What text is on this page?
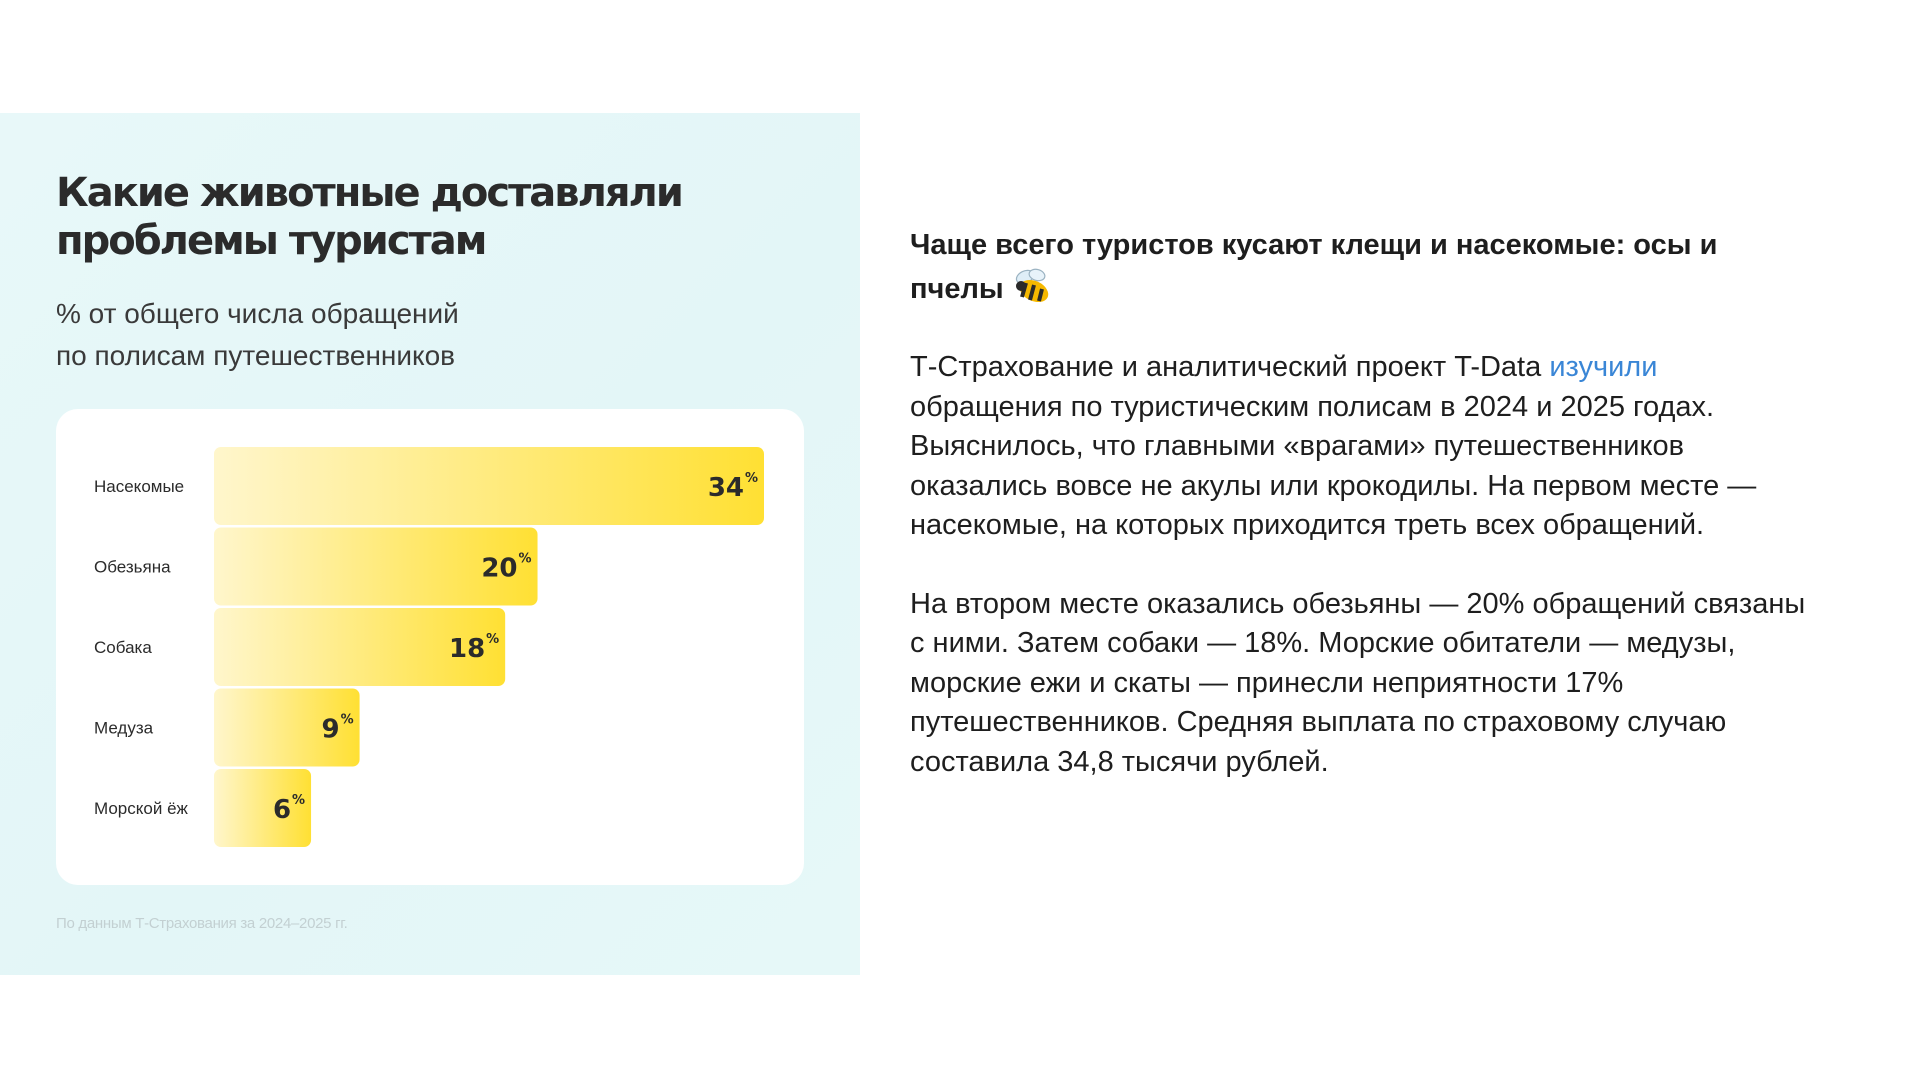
Какие животные доставляли
проблемы туристам
% от общего числа обращений
по полисам путешественников
Насекомые	34 %
Обезьяна	20 %
Собака	18 %
Медуза	9 %
Морской ёж	6 %
По данным Т-Страхования за 2024–2025 гг.

Чаще всего туристов кусают клещи и насекомые: осы и пчелы

Т-Страхование и аналитический проект T-Data изучили обращения по туристическим полисам в 2024 и 2025 годах. Выяснилось, что главными «врагами» путешественников оказались вовсе не акулы или крокодилы. На первом месте — насекомые, на которых приходится треть всех обращений.

На втором месте оказались обезьяны — 20% обращений связаны с ними. Затем собаки — 18%. Морские обитатели — медузы, морские ежи и скаты — принесли неприятности 17% путешественников. Средняя выплата по страховому случаю составила 34,8 тысячи рублей.
